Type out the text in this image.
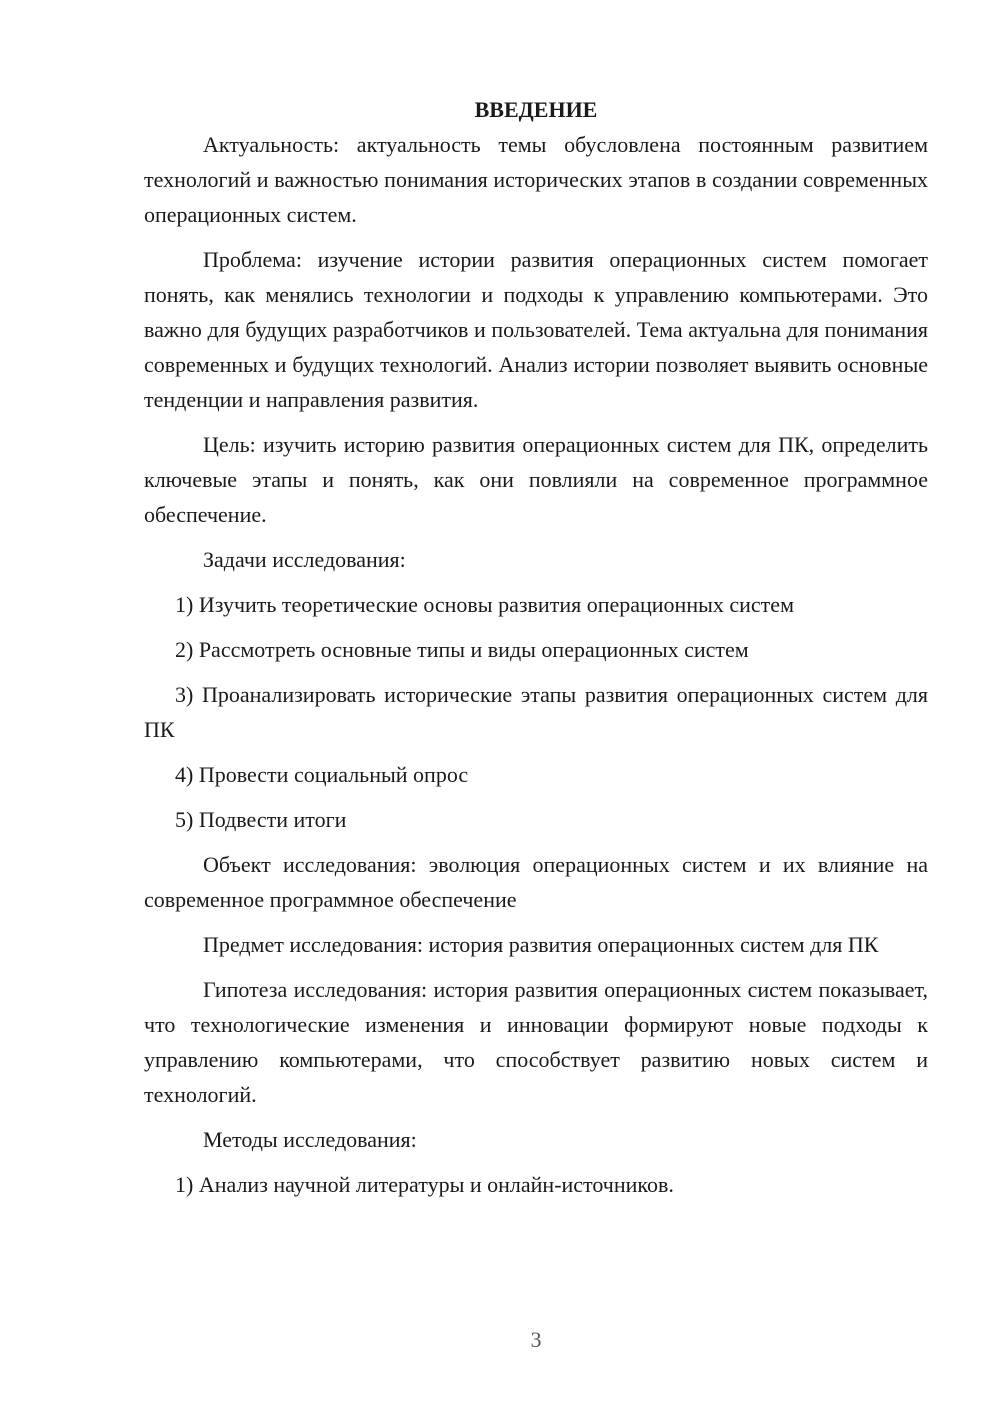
ВВЕДЕНИЕ

Актуальность: актуальность темы обусловлена постоянным развитием технологий и важностью понимания исторических этапов в создании современных операционных систем.

Проблема: изучение истории развития операционных систем помогает понять, как менялись технологии и подходы к управлению компьютерами. Это важно для будущих разработчиков и пользователей. Тема актуальна для понимания современных и будущих технологий. Анализ истории позволяет выявить основные тенденции и направления развития.

Цель: изучить историю развития операционных систем для ПК, определить ключевые этапы и понять, как они повлияли на современное программное обеспечение.

Задачи исследования:

1) Изучить теоретические основы развития операционных систем

2) Рассмотреть основные типы и виды операционных систем

3) Проанализировать исторические этапы развития операционных систем для ПК

4) Провести социальный опрос

5) Подвести итоги

Объект исследования: эволюция операционных систем и их влияние на современное программное обеспечение

Предмет исследования: история развития операционных систем для ПК

Гипотеза исследования: история развития операционных систем показывает, что технологические изменения и инновации формируют новые подходы к управлению компьютерами, что способствует развитию новых систем и технологий.

Методы исследования:

1) Анализ научной литературы и онлайн-источников.

3
